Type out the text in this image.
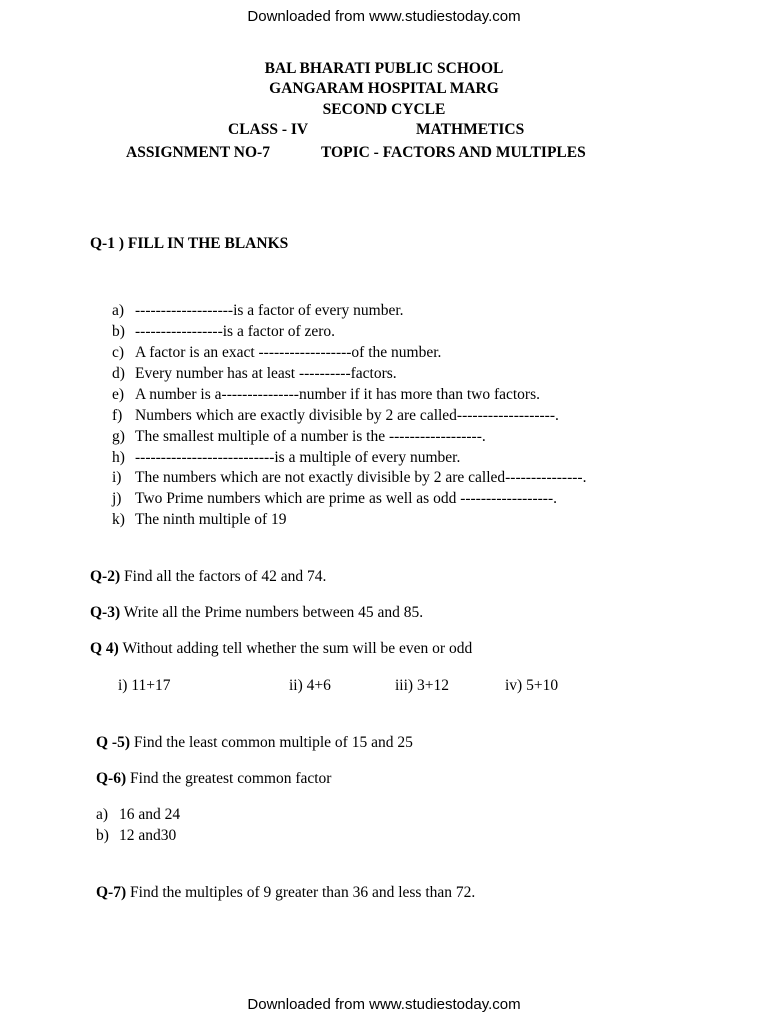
Downloaded from www.studiestoday.com
BAL BHARATI PUBLIC SCHOOL
GANGARAM HOSPITAL MARG
SECOND CYCLE
CLASS - IV	MATHMETICS
ASSIGNMENT NO-7	TOPIC - FACTORS AND MULTIPLES
Q-1 ) FILL IN THE BLANKS
a) -------------------is a factor of every number.
b) -----------------is a factor of zero.
c) A factor is an exact ------------------of the number.
d) Every number has at least ----------factors.
e) A number is a---------------number if it has more than two factors.
f) Numbers which are exactly divisible by 2 are called-------------------.
g) The smallest multiple of a number is the ------------------.
h) ---------------------------is a multiple of every number.
i) The numbers which are not exactly divisible by 2 are called---------------.
j) Two Prime numbers which are prime as well as odd ------------------.
k) The ninth multiple of 19
Q-2) Find all the factors of 42 and 74.
Q-3) Write all the Prime numbers between 45 and 85.
Q 4) Without adding tell whether the sum will be even or odd
i) 11+17	ii) 4+6	iii) 3+12	iv) 5+10
Q -5) Find the least common multiple of 15 and 25
Q-6) Find the greatest common factor
a) 16 and 24
b) 12 and30
Q-7) Find the multiples of 9 greater than 36 and less than 72.
Downloaded from www.studiestoday.com
